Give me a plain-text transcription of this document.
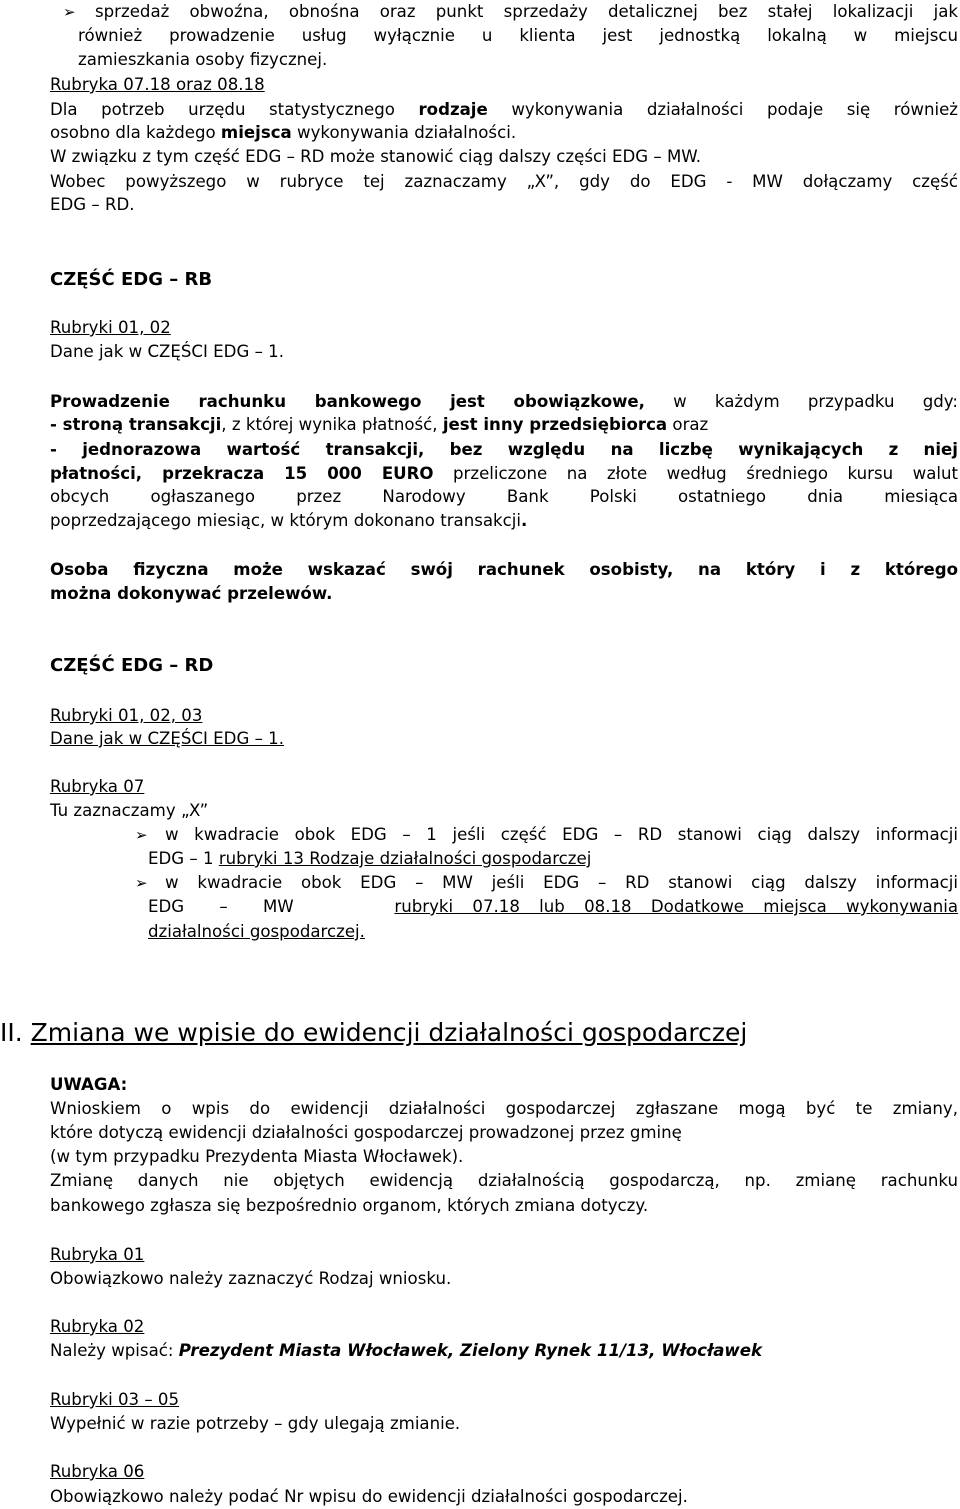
➢ sprzedaż obwoźna, obnośna oraz punkt sprzedaży detalicznej bez stałej lokalizacji jak
również prowadzenie usług wyłącznie u klienta jest jednostką lokalną w miejscu
zamieszkania osoby fizycznej.
Rubryka 07.18 oraz 08.18
Dla potrzeb urzędu statystycznego rodzaje wykonywania działalności podaje się również
osobno dla każdego miejsca wykonywania działalności.
W związku z tym część EDG – RD może stanowić ciąg dalszy części EDG – MW.
Wobec powyższego w rubryce tej zaznaczamy „X”, gdy do EDG - MW dołączamy część
EDG – RD.
CZĘŚĆ EDG – RB
Rubryki 01, 02
Dane jak w CZĘŚCI EDG – 1.
Prowadzenie rachunku bankowego jest obowiązkowe, w każdym przypadku gdy:
- stroną transakcji, z której wynika płatność, jest inny przedsiębiorca oraz
- jednorazowa wartość transakcji, bez względu na liczbę wynikających z niej
płatności, przekracza 15 000 EURO przeliczone na złote według średniego kursu walut
obcych ogłaszanego przez Narodowy Bank Polski ostatniego dnia miesiąca
poprzedzającego miesiąc, w którym dokonano transakcji.
Osoba fizyczna może wskazać swój rachunek osobisty, na który i z którego
można dokonywać przelewów.
CZĘŚĆ EDG – RD
Rubryki 01, 02, 03
Dane jak w CZĘŚCI EDG – 1.
Rubryka 07
Tu zaznaczamy „X”
➢ w kwadracie obok EDG – 1 jeśli część EDG – RD stanowi ciąg dalszy informacji
EDG – 1 rubryki 13 Rodzaje działalności gospodarczej
➢ w kwadracie obok EDG – MW jeśli EDG – RD stanowi ciąg dalszy informacji
EDG – MW	rubryki 07.18 lub 08.18 Dodatkowe miejsca wykonywania
działalności gospodarczej.
II. Zmiana we wpisie do ewidencji działalności gospodarczej
UWAGA:
Wnioskiem o wpis do ewidencji działalności gospodarczej zgłaszane mogą być te zmiany,
które dotyczą ewidencji działalności gospodarczej prowadzonej przez gminę
(w tym przypadku Prezydenta Miasta Włocławek).
Zmianę danych nie objętych ewidencją działalnością gospodarczą, np. zmianę rachunku
bankowego zgłasza się bezpośrednio organom, których zmiana dotyczy.
Rubryka 01
Obowiązkowo należy zaznaczyć Rodzaj wniosku.
Rubryka 02
Należy wpisać: Prezydent Miasta Włocławek, Zielony Rynek 11/13, Włocławek
Rubryki 03 – 05
Wypełnić w razie potrzeby – gdy ulegają zmianie.
Rubryka 06
Obowiązkowo należy podać Nr wpisu do ewidencji działalności gospodarczej.
